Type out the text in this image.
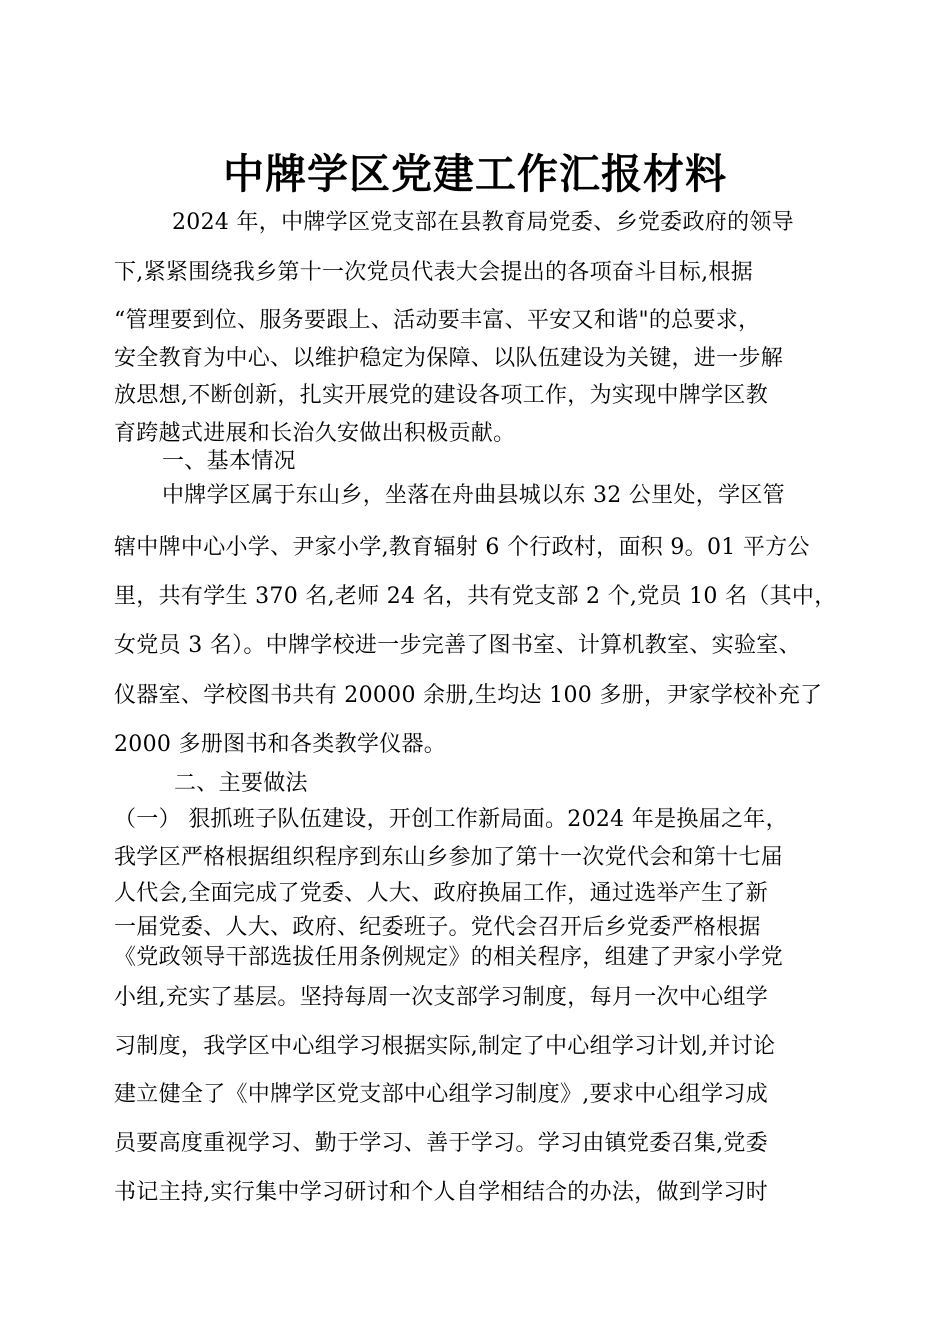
中牌学区党建工作汇报材料
2024 年，中牌学区党支部在县教育局党委、乡党委政府的领导
下,紧紧围绕我乡第十一次党员代表大会提出的各项奋斗目标,根据
“管理要到位、服务要跟上、活动要丰富、平安又和谐"的总要求，
安全教育为中心、以维护稳定为保障、以队伍建设为关键，进一步解
放思想,不断创新，扎实开展党的建设各项工作，为实现中牌学区教
育跨越式进展和长治久安做出积极贡献。
一、基本情况
中牌学区属于东山乡，坐落在舟曲县城以东 32 公里处，学区管
辖中牌中心小学、尹家小学,教育辐射 6 个行政村，面积 9。01 平方公
里，共有学生 370 名,老师 24 名，共有党支部 2 个,党员 10 名（其中，
女党员 3 名）。中牌学校进一步完善了图书室、计算机教室、实验室、
仪器室、学校图书共有 20000 余册,生均达 100 多册，尹家学校补充了
2000 多册图书和各类教学仪器。
二、主要做法
（一） 狠抓班子队伍建设，开创工作新局面。2024 年是换届之年，
我学区严格根据组织程序到东山乡参加了第十一次党代会和第十七届
人代会,全面完成了党委、人大、政府换届工作，通过选举产生了新
一届党委、人大、政府、纪委班子。党代会召开后乡党委严格根据
《党政领导干部选拔任用条例规定》的相关程序，组建了尹家小学党
小组,充实了基层。坚持每周一次支部学习制度，每月一次中心组学
习制度，我学区中心组学习根据实际,制定了中心组学习计划,并讨论
建立健全了《中牌学区党支部中心组学习制度》,要求中心组学习成
员要高度重视学习、勤于学习、善于学习。学习由镇党委召集,党委
书记主持,实行集中学习研讨和个人自学相结合的办法，做到学习时
